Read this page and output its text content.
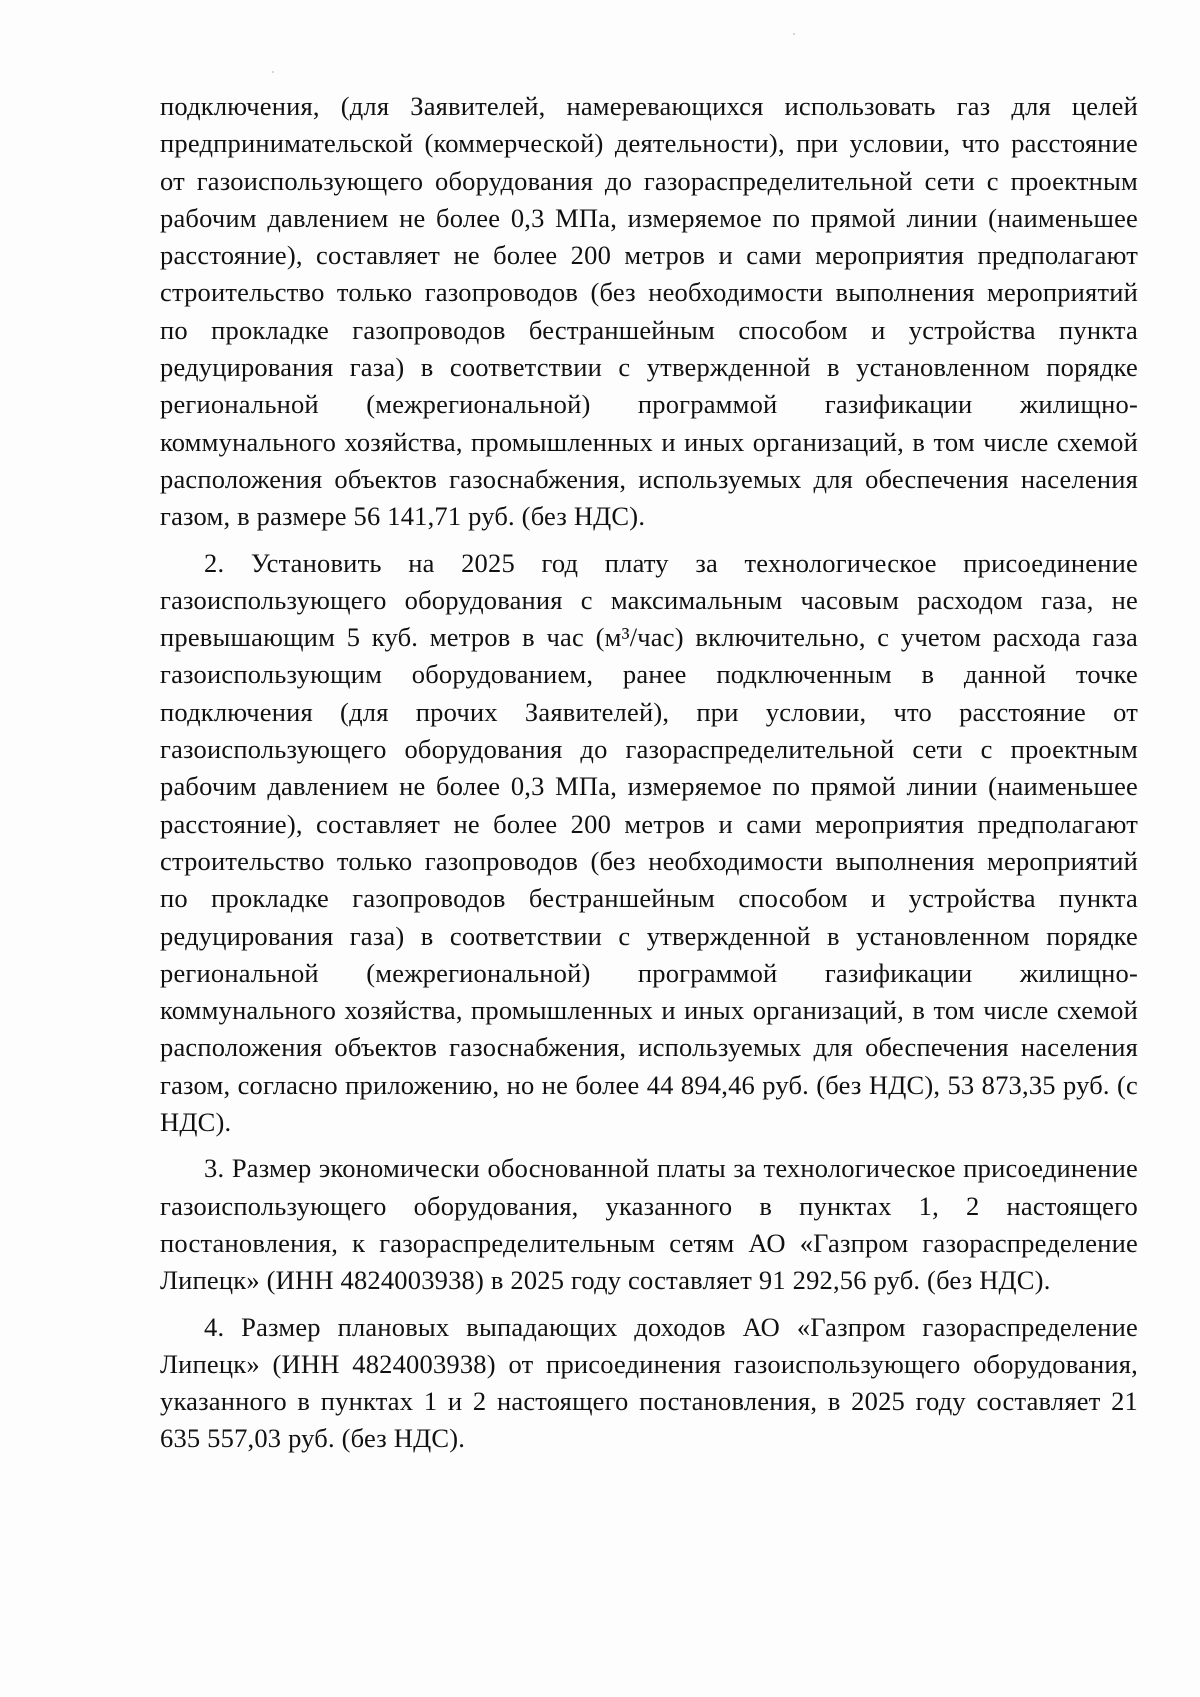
подключения, (для Заявителей, намеревающихся использовать газ для целей предпринимательской (коммерческой) деятельности), при условии, что расстояние от газоиспользующего оборудования до газораспределительной сети с проектным рабочим давлением не более 0,3 МПа, измеряемое по прямой линии (наименьшее расстояние), составляет не более 200 метров и сами мероприятия предполагают строительство только газопроводов (без необходимости выполнения мероприятий по прокладке газопроводов бестраншейным способом и устройства пункта редуцирования газа) в соответствии с утвержденной в установленном порядке региональной (межрегиональной) программой газификации жилищно-коммунального хозяйства, промышленных и иных организаций, в том числе схемой расположения объектов газоснабжения, используемых для обеспечения населения газом, в размере 56 141,71 руб. (без НДС).

2. Установить на 2025 год плату за технологическое присоединение газоиспользующего оборудования с максимальным часовым расходом газа, не превышающим 5 куб. метров в час (м³/час) включительно, с учетом расхода газа газоиспользующим оборудованием, ранее подключенным в данной точке подключения (для прочих Заявителей), при условии, что расстояние от газоиспользующего оборудования до газораспределительной сети с проектным рабочим давлением не более 0,3 МПа, измеряемое по прямой линии (наименьшее расстояние), составляет не более 200 метров и сами мероприятия предполагают строительство только газопроводов (без необходимости выполнения мероприятий по прокладке газопроводов бестраншейным способом и устройства пункта редуцирования газа) в соответствии с утвержденной в установленном порядке региональной (межрегиональной) программой газификации жилищно-коммунального хозяйства, промышленных и иных организаций, в том числе схемой расположения объектов газоснабжения, используемых для обеспечения населения газом, согласно приложению, но не более 44 894,46 руб. (без НДС), 53 873,35 руб. (с НДС).

3. Размер экономически обоснованной платы за технологическое присоединение газоиспользующего оборудования, указанного в пунктах 1, 2 настоящего постановления, к газораспределительным сетям АО «Газпром газораспределение Липецк» (ИНН 4824003938) в 2025 году составляет 91 292,56 руб. (без НДС).

4. Размер плановых выпадающих доходов АО «Газпром газораспределение Липецк» (ИНН 4824003938) от присоединения газоиспользующего оборудования, указанного в пунктах 1 и 2 настоящего постановления, в 2025 году составляет 21 635 557,03 руб. (без НДС).
